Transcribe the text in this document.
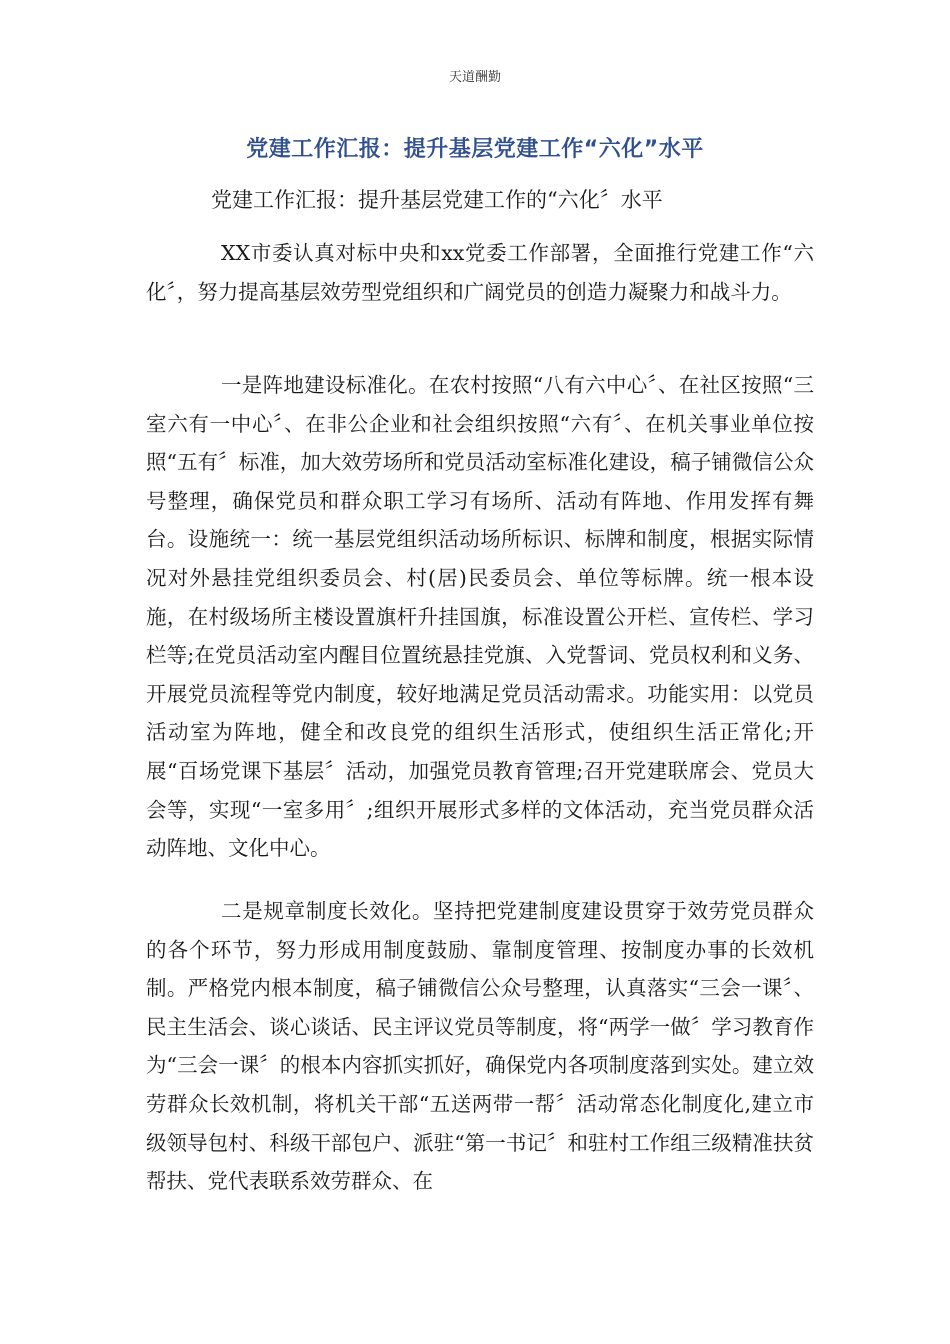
天道酬勤
党建工作汇报：提升基层党建工作“六化”水平
党建工作汇报：提升基层党建工作的“六化〞水平

XX市委认真对标中央和xx党委工作部署，全面推行党建工作“六化〞，努力提高基层效劳型党组织和广阔党员的创造力凝聚力和战斗力。

一是阵地建设标准化。在农村按照“八有六中心〞、在社区按照“三室六有一中心〞、在非公企业和社会组织按照“六有〞、在机关事业单位按照“五有〞标准，加大效劳场所和党员活动室标准化建设，稿子铺微信公众号整理，确保党员和群众职工学习有场所、活动有阵地、作用发挥有舞台。设施统一：统一基层党组织活动场所标识、标牌和制度，根据实际情况对外悬挂党组织委员会、村(居)民委员会、单位等标牌。统一根本设施，在村级场所主楼设置旗杆升挂国旗，标准设置公开栏、宣传栏、学习栏等;在党员活动室内醒目位置统悬挂党旗、入党誓词、党员权利和义务、开展党员流程等党内制度，较好地满足党员活动需求。功能实用：以党员活动室为阵地，健全和改良党的组织生活形式，使组织生活正常化;开展“百场党课下基层〞活动，加强党员教育管理;召开党建联席会、党员大会等，实现“一室多用〞;组织开展形式多样的文体活动，充当党员群众活动阵地、文化中心。

二是规章制度长效化。坚持把党建制度建设贯穿于效劳党员群众的各个环节，努力形成用制度鼓励、靠制度管理、按制度办事的长效机制。严格党内根本制度，稿子铺微信公众号整理，认真落实“三会一课〞、民主生活会、谈心谈话、民主评议党员等制度，将“两学一做〞学习教育作为“三会一课〞的根本内容抓实抓好，确保党内各项制度落到实处。建立效劳群众长效机制，将机关干部“五送两带一帮〞活动常态化制度化,建立市级领导包村、科级干部包户、派驻“第一书记〞和驻村工作组三级精准扶贫帮扶、党代表联系效劳群众、在
